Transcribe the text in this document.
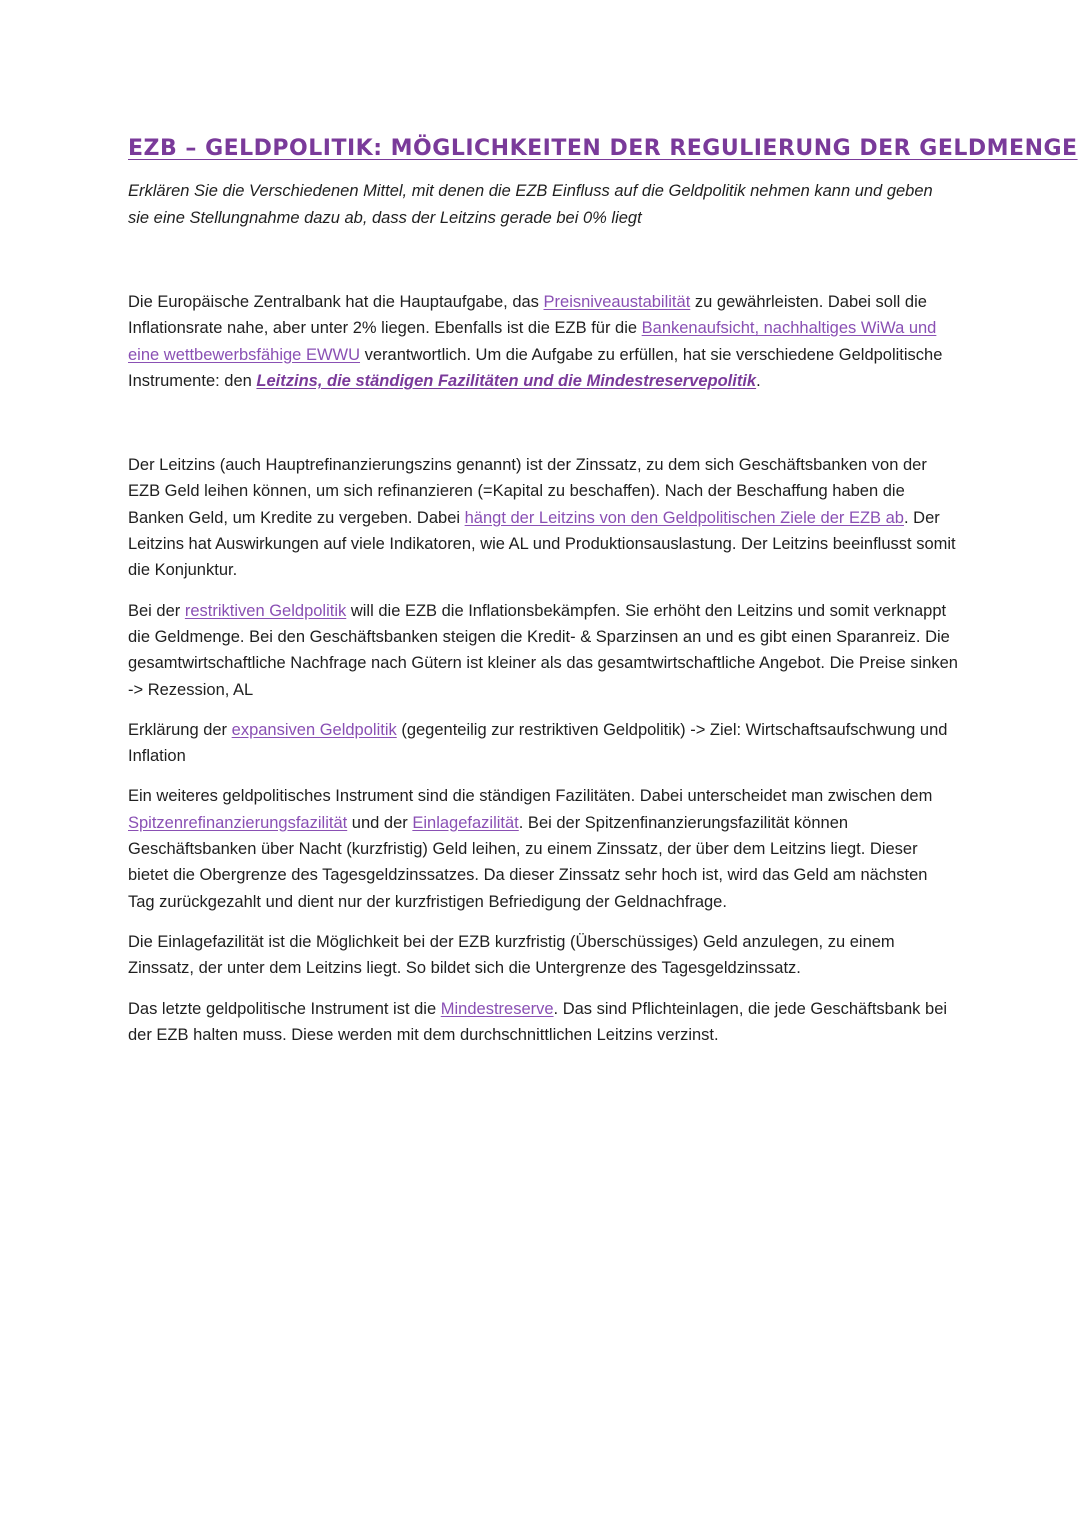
EZB – GELDPOLITIK: MÖGLICHKEITEN DER REGULIERUNG DER GELDMENGE
Erklären Sie die Verschiedenen Mittel, mit denen die EZB Einfluss auf die Geldpolitik nehmen kann und geben sie eine Stellungnahme dazu ab, dass der Leitzins gerade bei 0% liegt

Die Europäische Zentralbank hat die Hauptaufgabe, das Preisniveaustabilität zu gewährleisten. Dabei soll die Inflationsrate nahe, aber unter 2% liegen. Ebenfalls ist die EZB für die Bankenaufsicht, nachhaltiges WiWa und eine wettbewerbsfähige EWWU verantwortlich. Um die Aufgabe zu erfüllen, hat sie verschiedene Geldpolitische Instrumente: den Leitzins, die ständigen Fazilitäten und die Mindestreservepolitik.

Der Leitzins (auch Hauptrefinanzierungszins genannt) ist der Zinssatz, zu dem sich Geschäftsbanken von der EZB Geld leihen können, um sich refinanzieren (=Kapital zu beschaffen). Nach der Beschaffung haben die Banken Geld, um Kredite zu vergeben. Dabei hängt der Leitzins von den Geldpolitischen Ziele der EZB ab. Der Leitzins hat Auswirkungen auf viele Indikatoren, wie AL und Produktionsauslastung. Der Leitzins beeinflusst somit die Konjunktur.

Bei der restriktiven Geldpolitik will die EZB die Inflationsbekämpfen. Sie erhöht den Leitzins und somit verknappt die Geldmenge. Bei den Geschäftsbanken steigen die Kredit- & Sparzinsen an und es gibt einen Sparanreiz. Die gesamtwirtschaftliche Nachfrage nach Gütern ist kleiner als das gesamtwirtschaftliche Angebot. Die Preise sinken -> Rezession, AL

Erklärung der expansiven Geldpolitik (gegenteilig zur restriktiven Geldpolitik) -> Ziel: Wirtschaftsaufschwung und Inflation

Ein weiteres geldpolitisches Instrument sind die ständigen Fazilitäten. Dabei unterscheidet man zwischen dem Spitzenrefinanzierungsfazilität und der Einlagefazilität. Bei der Spitzenfinanzierungsfazilität können Geschäftsbanken über Nacht (kurzfristig) Geld leihen, zu einem Zinssatz, der über dem Leitzins liegt. Dieser bietet die Obergrenze des Tagesgeldzinssatzes. Da dieser Zinssatz sehr hoch ist, wird das Geld am nächsten Tag zurückgezahlt und dient nur der kurzfristigen Befriedigung der Geldnachfrage.

Die Einlagefazilität ist die Möglichkeit bei der EZB kurzfristig (Überschüssiges) Geld anzulegen, zu einem Zinssatz, der unter dem Leitzins liegt. So bildet sich die Untergrenze des Tagesgeldzinssatz.

Das letzte geldpolitische Instrument ist die Mindestreserve. Das sind Pflichteinlagen, die jede Geschäftsbank bei der EZB halten muss. Diese werden mit dem durchschnittlichen Leitzins verzinst.
